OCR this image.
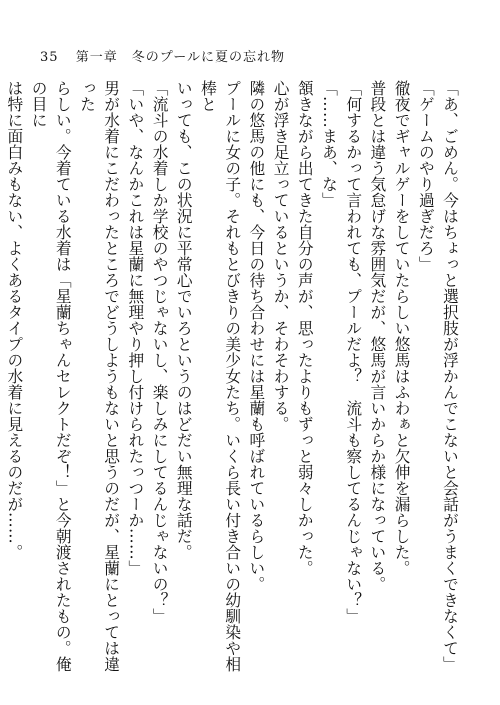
35 第一章　冬のプールに夏の忘れ物

「あ、ごめん。今はちょっと選択肢が浮かんでこないと会話がうまくできなくて」

「ゲームのやり過ぎだろ」

徹夜でギャルゲーをしていたらしい悠馬はふわぁと欠伸を漏らした。

普段とは違う気怠げな雰囲気だが、悠馬が言いからか様になっている。

「何するかって言われても、プールだよ？　流斗も察してるんじゃない？」

「……まあ、な」

頷きながら出てきた自分の声が、思ったよりもずっと弱々しかった。

心が浮き足立っているというか、そわそわする。

隣の悠馬の他にも、今日の待ち合わせには星蘭も呼ばれているらしい。

プールに女の子。それもとびきりの美少女たち。いくら長い付き合いの幼馴染や相棒と

いっても、この状況に平常心でいろというのはどだい無理な話だ。

「流斗の水着しか学校のやつじゃないし、楽しみにしてるんじゃないの？」

「いや、なんかこれは星蘭に無理やり押し付けられたっつーか……」

男が水着にこだわったところでどうしようもないと思うのだが、星蘭にとっては違った

らしい。今着ている水着は「星蘭ちゃんセレクトだぞ！」と今朝渡されたもの。俺の目に

は特に面白みもない、よくあるタイプの水着に見えるのだが……。
